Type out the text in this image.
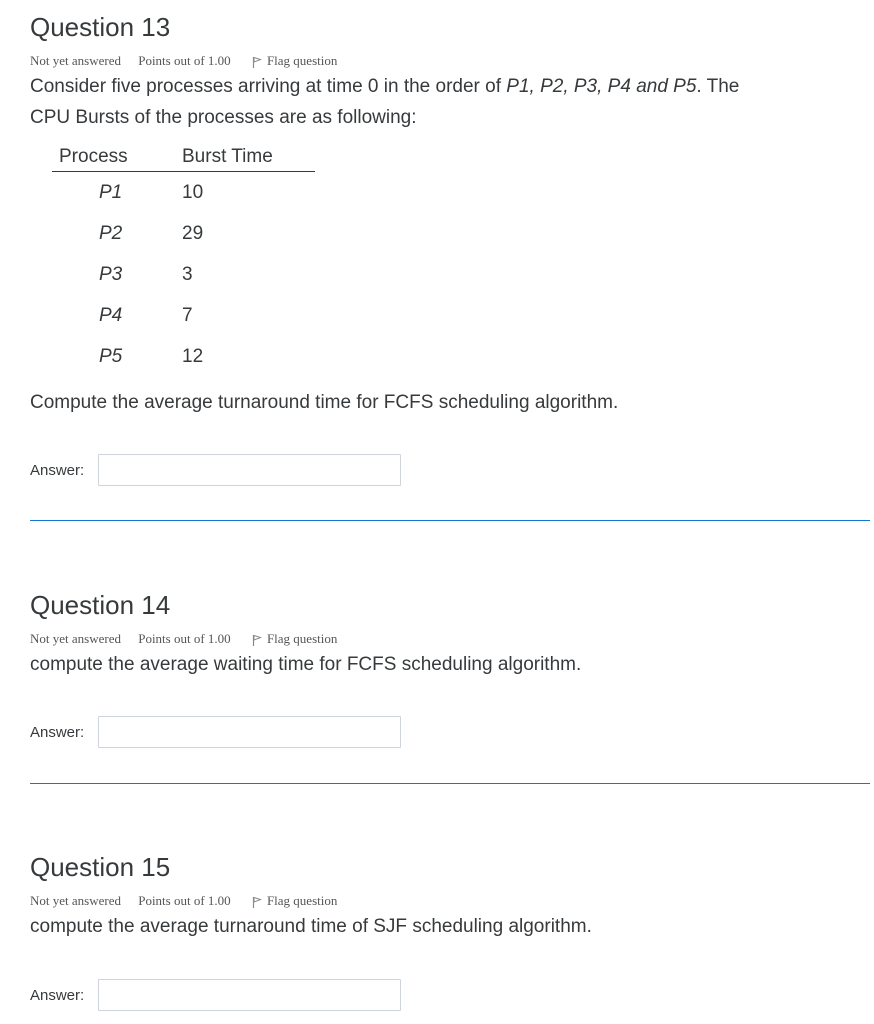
Question 13
Not yet answered Points out of 1.00	Flag question

Consider five processes arriving at time 0 in the order of P1, P2, P3, P4 and P5. The
CPU Bursts of the processes are as following:

Process	Burst Time
P1	10
P2	29
P3	3
P4	7
P5	12

Compute the average turnaround time for FCFS scheduling algorithm.

Answer:
Question 14
Not yet answered Points out of 1.00	Flag question

compute the average waiting time for FCFS scheduling algorithm.

Answer:
Question 15
Not yet answered Points out of 1.00	Flag question

compute the average turnaround time of SJF scheduling algorithm.

Answer:
